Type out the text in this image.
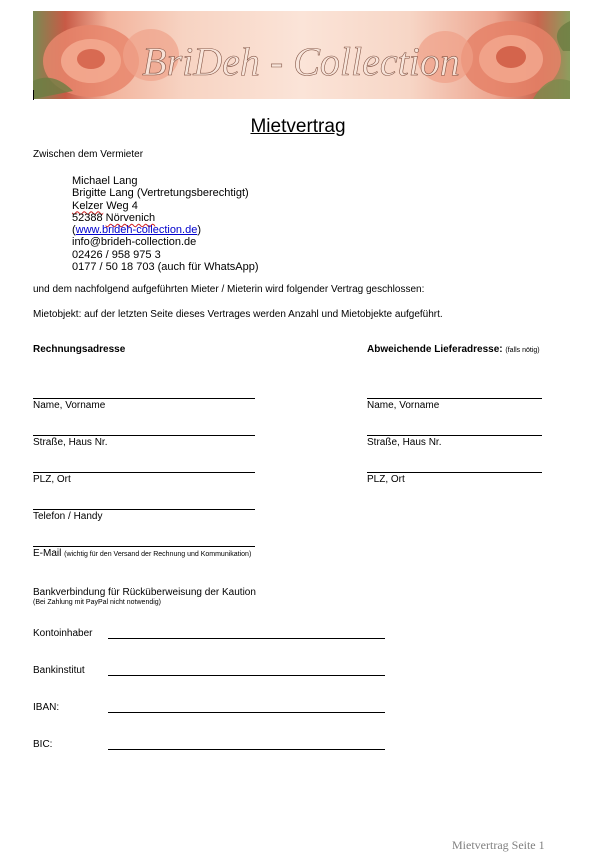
BriDeh - Collection
Mietvertrag
Zwischen dem Vermieter
Michael Lang
Brigitte Lang (Vertretungsberechtigt)
Kelzer Weg 4
52388 Nörvenich
(www.brideh-collection.de)
info@brideh-collection.de
02426 / 958 975 3
0177 / 50 18 703 (auch für WhatsApp)
und dem nachfolgend aufgeführten Mieter / Mieterin wird folgender Vertrag geschlossen:
Mietobjekt: auf der letzten Seite dieses Vertrages werden Anzahl und Mietobjekte aufgeführt.
Rechnungsadresse	Abweichende Lieferadresse: (falls nötig)
Name, Vorname
Straße, Haus Nr.
PLZ, Ort
Telefon / Handy
E-Mail (wichtig für den Versand der Rechnung und Kommunikation)
Name, Vorname
Straße, Haus Nr.
PLZ, Ort
Bankverbindung für Rücküberweisung der Kaution
(Bei Zahlung mit PayPal nicht notwendig)
Kontoinhaber
Bankinstitut
IBAN:
BIC:
Mietvertrag Seite 1
